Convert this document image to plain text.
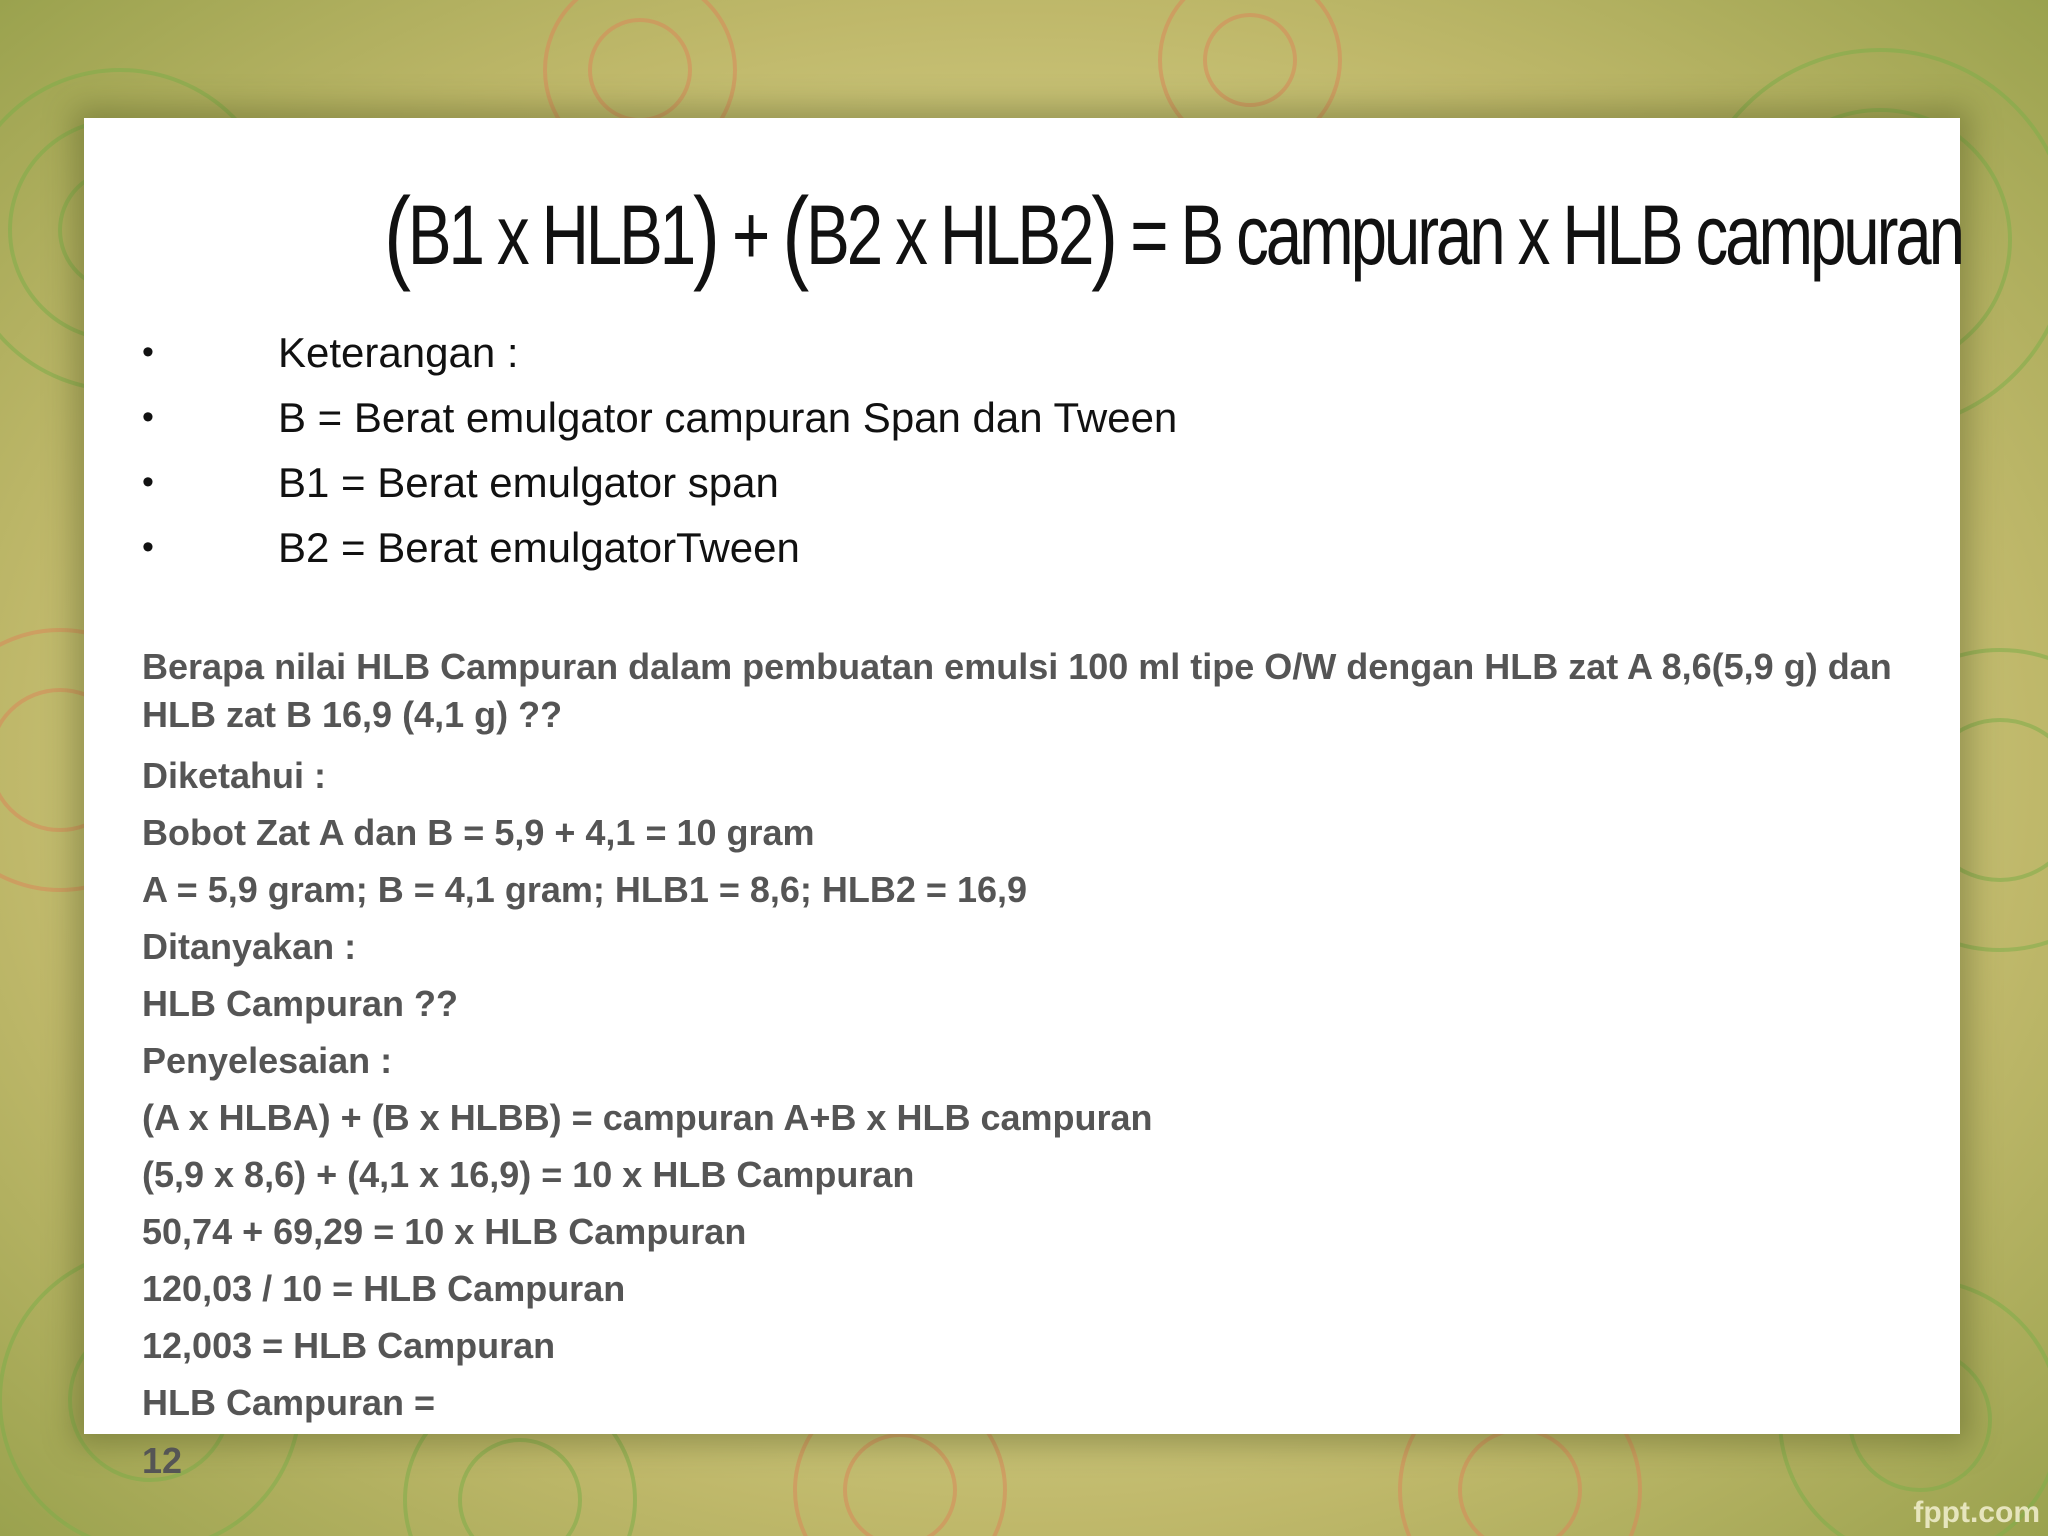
(B1 x HLB1) + (B2 x HLB2) = B campuran x HLB campuran
•	Keterangan :
•	B = Berat emulgator campuran Span dan Tween
•	B1 = Berat emulgator span
•	B2 = Berat emulgatorTween
Berapa nilai HLB Campuran dalam pembuatan emulsi 100 ml tipe O/W dengan HLB zat A 8,6(5,9 g) dan HLB zat B 16,9 (4,1 g) ??
Diketahui :
Bobot Zat A dan B = 5,9 + 4,1 = 10 gram
A = 5,9 gram; B = 4,1 gram; HLB1 = 8,6; HLB2 = 16,9
Ditanyakan :
HLB Campuran ??
Penyelesaian :
(A x HLBA) + (B x HLBB) = campuran A+B x HLB campuran
(5,9 x 8,6) + (4,1 x 16,9) = 10 x HLB Campuran
50,74 + 69,29 = 10 x HLB Campuran
120,03 / 10 = HLB Campuran
12,003 = HLB Campuran
HLB Campuran =
12
fppt.com
